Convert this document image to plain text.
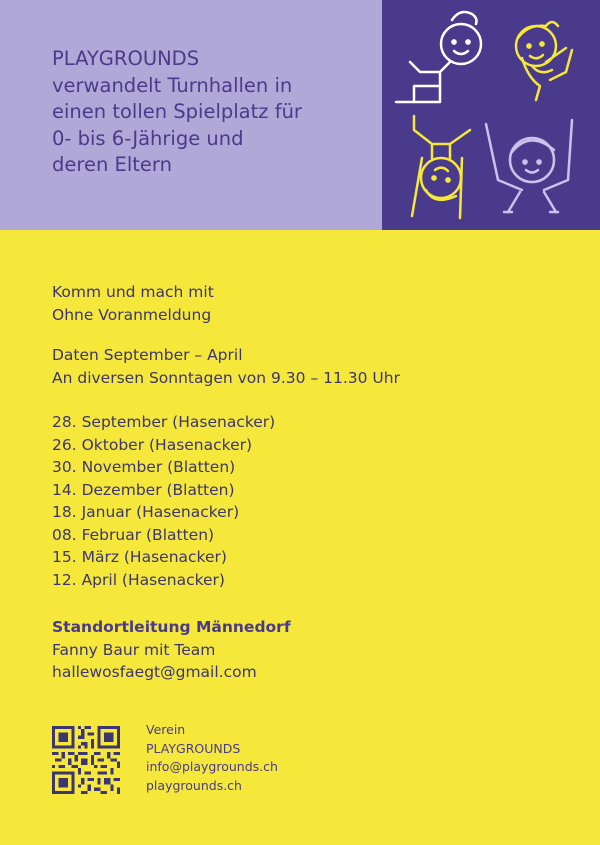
PLAYGROUNDS
verwandelt Turnhallen in
einen tollen Spielplatz für
0- bis 6-Jährige und
deren Eltern
Komm und mach mit
Ohne Voranmeldung
Daten September – April
An diversen Sonntagen von 9.30 – 11.30 Uhr
28. September (Hasenacker)
26. Oktober (Hasenacker)
30. November (Blatten)
14. Dezember (Blatten)
18. Januar (Hasenacker)
08. Februar (Blatten)
15. März (Hasenacker)
12. April (Hasenacker)
Standortleitung Männedorf
Fanny Baur mit Team
hallewosfaegt@gmail.com
Verein
PLAYGROUNDS
info@playgrounds.ch
playgrounds.ch
